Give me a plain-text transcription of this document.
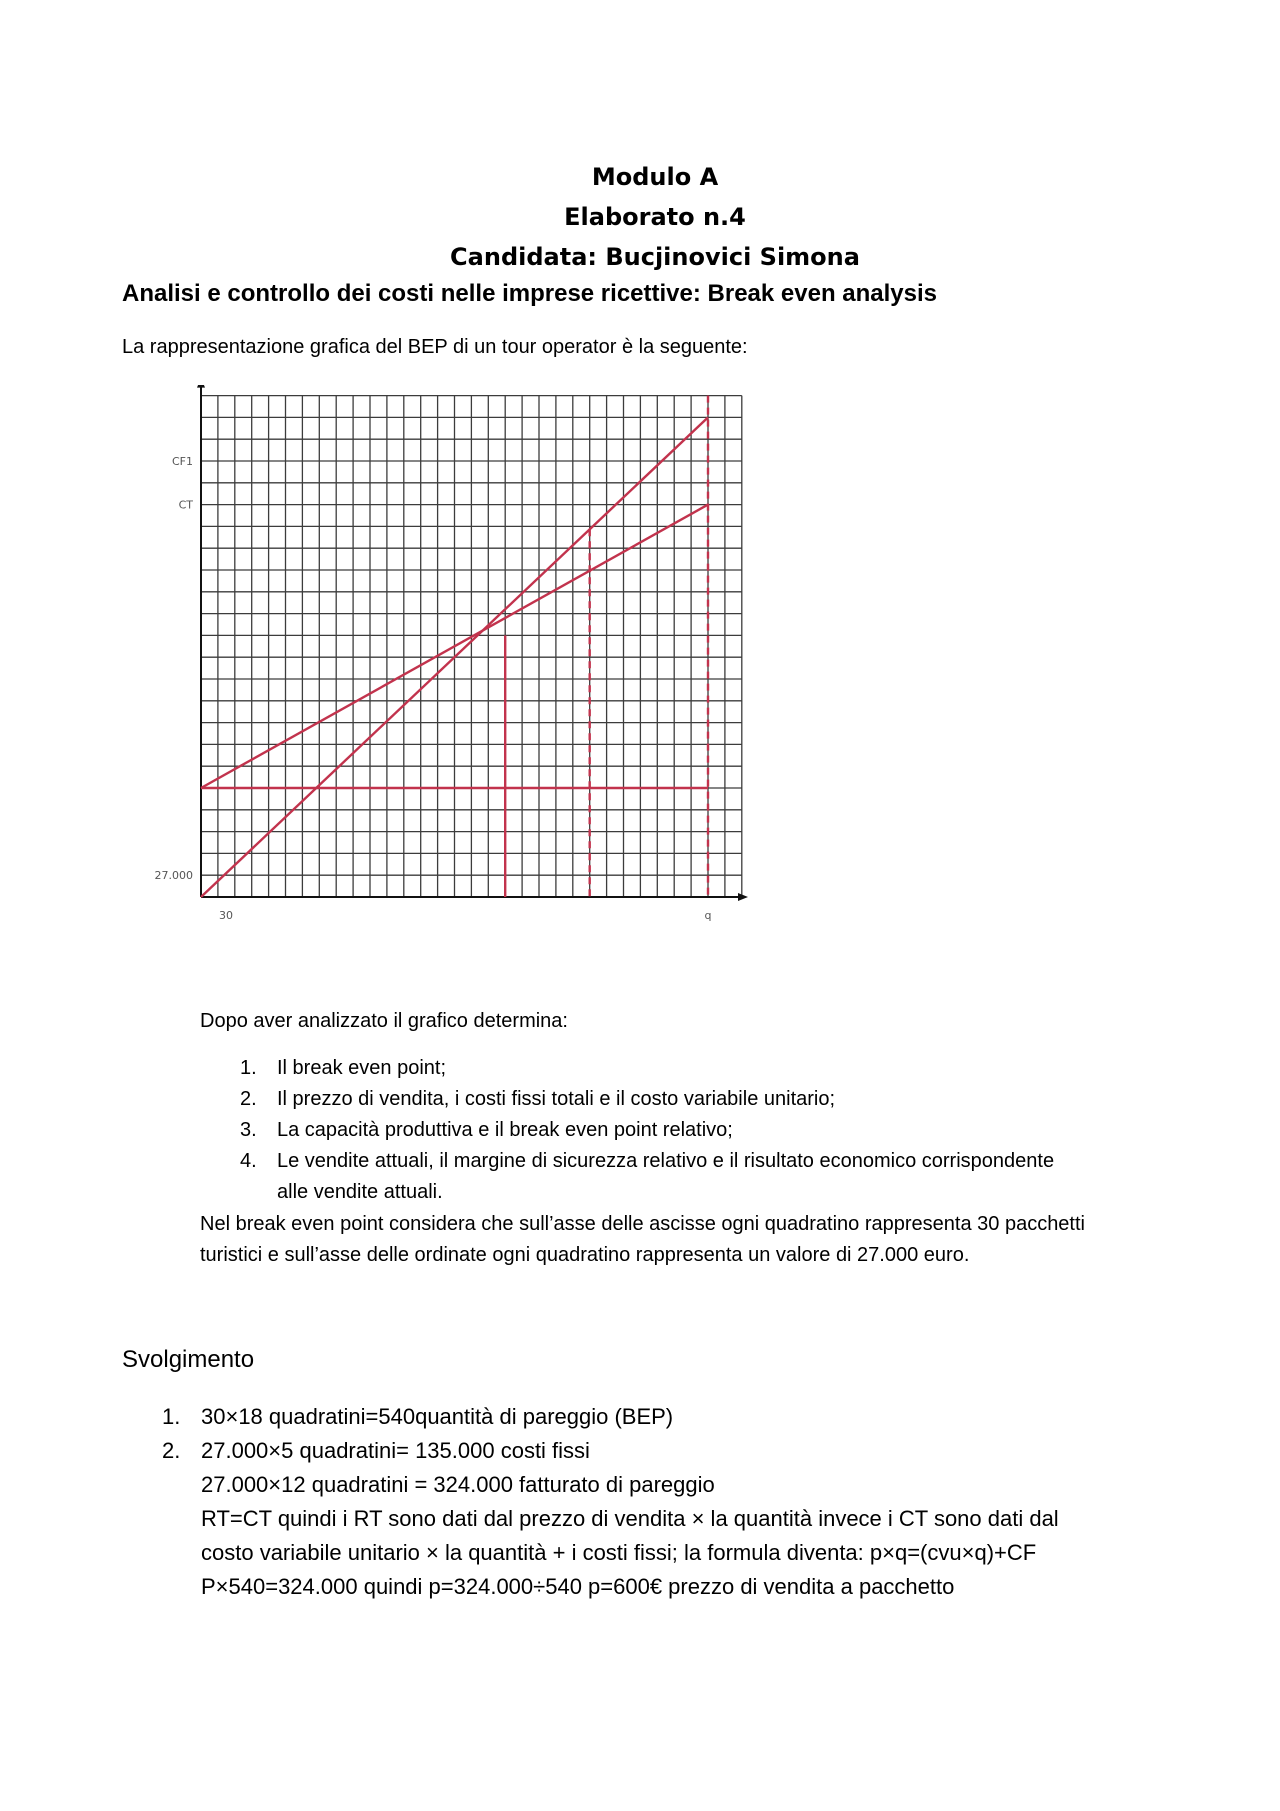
Modulo A
Elaborato n.4
Candidata: Bucjinovici Simona
Analisi e controllo dei costi nelle imprese ricettive: Break even analysis
La rappresentazione grafica del BEP di un tour operator è la seguente:
CF1
CT
27.000
30	q
Dopo aver analizzato il grafico determina:
1. Il break even point;
2. Il prezzo di vendita, i costi fissi totali e il costo variabile unitario;
3. La capacità produttiva e il break even point relativo;
4. Le vendite attuali, il margine di sicurezza relativo e il risultato economico corrispondente
alle vendite attuali.
Nel break even point considera che sull’asse delle ascisse ogni quadratino rappresenta 30 pacchetti
turistici e sull’asse delle ordinate ogni quadratino rappresenta un valore di 27.000 euro.
Svolgimento
1. 30×18 quadratini=540quantità di pareggio (BEP)
2. 27.000×5 quadratini= 135.000 costi fissi
27.000×12 quadratini = 324.000 fatturato di pareggio
RT=CT quindi i RT sono dati dal prezzo di vendita × la quantità invece i CT sono dati dal
costo variabile unitario × la quantità + i costi fissi; la formula diventa: p×q=(cvu×q)+CF
P×540=324.000 quindi p=324.000÷540 p=600€ prezzo di vendita a pacchetto
